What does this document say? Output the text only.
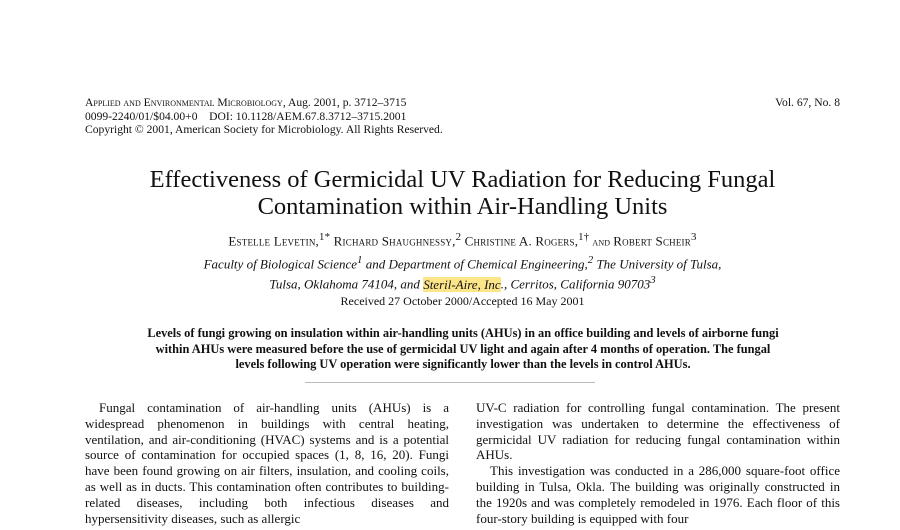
Applied and Environmental Microbiology, Aug. 2001, p. 3712–3715
0099-2240/01/$04.00+0    DOI: 10.1128/AEM.67.8.3712–3715.2001
Copyright © 2001, American Society for Microbiology. All Rights Reserved.
Vol. 67, No. 8
Effectiveness of Germicidal UV Radiation for Reducing Fungal
Contamination within Air-Handling Units
Estelle Levetin,$^{1*}$ Richard Shaughnessy,$^2$ Christine A. Rogers,$^{1\dagger}$ and Robert Scheir$^3$
Faculty of Biological Science$^1$ and Department of Chemical Engineering,$^2$ The University of Tulsa,
Tulsa, Oklahoma 74104, and Steril-Aire, Inc., Cerritos, California 90703$^3$
Received 27 October 2000/Accepted 16 May 2001
Levels of fungi growing on insulation within air-handling units (AHUs) in an office building and levels of airborne fungi within AHUs were measured before the use of germicidal UV light and again after 4 months of operation. The fungal levels following UV operation were significantly lower than the levels in control AHUs.

Fungal contamination of air-handling units (AHUs) is a widespread phenomenon in buildings with central heating, ventilation, and air-conditioning (HVAC) systems and is a potential source of contamination for occupied spaces (1, 8, 16, 20). Fungi have been found growing on air filters, insulation, and cooling coils, as well as in ducts. This contamination often contributes to building-related diseases, including both infectious diseases and hypersensitivity diseases, such as allergic

UV-C radiation for controlling fungal contamination. The present investigation was undertaken to determine the effectiveness of germicidal UV radiation for reducing fungal contamination within AHUs.

This investigation was conducted in a 286,000 square-foot office building in Tulsa, Okla. The building was originally constructed in the 1920s and was completely remodeled in 1976. Each floor of this four-story building is equipped with four
